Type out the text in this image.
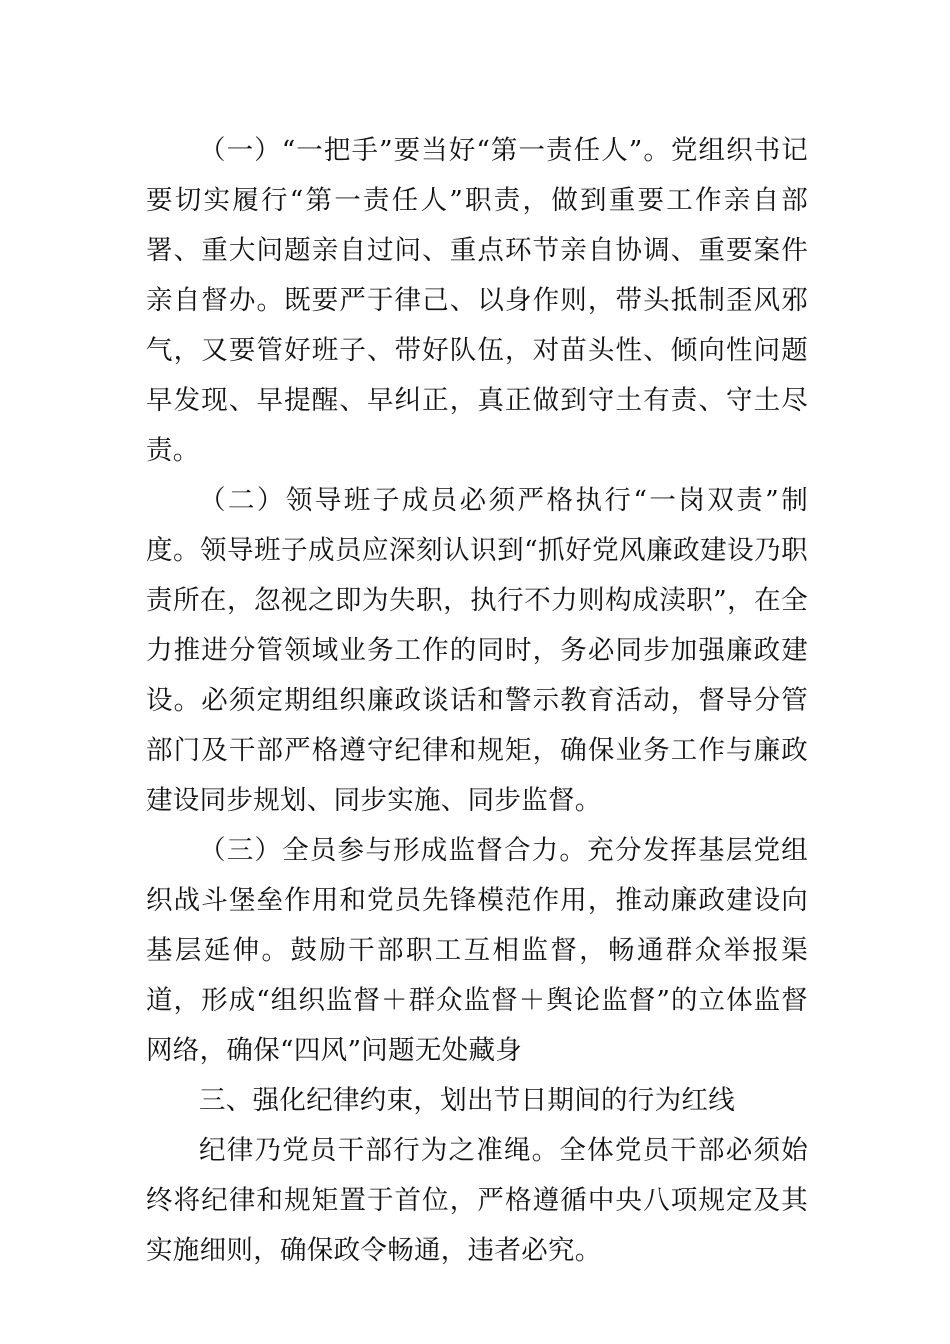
（一）“一把手”要当好“第一责任人”。党组织书记要切实履行“第一责任人”职责，做到重要工作亲自部署、重大问题亲自过问、重点环节亲自协调、重要案件亲自督办。既要严于律己、以身作则，带头抵制歪风邪气，又要管好班子、带好队伍，对苗头性、倾向性问题早发现、早提醒、早纠正，真正做到守土有责、守土尽责。

（二）领导班子成员必须严格执行“一岗双责”制度。领导班子成员应深刻认识到“抓好党风廉政建设乃职责所在，忽视之即为失职，执行不力则构成渎职”，在全力推进分管领域业务工作的同时，务必同步加强廉政建设。必须定期组织廉政谈话和警示教育活动，督导分管部门及干部严格遵守纪律和规矩，确保业务工作与廉政建设同步规划、同步实施、同步监督。

（三）全员参与形成监督合力。充分发挥基层党组织战斗堡垒作用和党员先锋模范作用，推动廉政建设向基层延伸。鼓励干部职工互相监督，畅通群众举报渠道，形成“组织监督＋群众监督＋舆论监督”的立体监督网络，确保“四风”问题无处藏身

三、强化纪律约束，划出节日期间的行为红线

纪律乃党员干部行为之准绳。全体党员干部必须始终将纪律和规矩置于首位，严格遵循中央八项规定及其实施细则，确保政令畅通，违者必究。
